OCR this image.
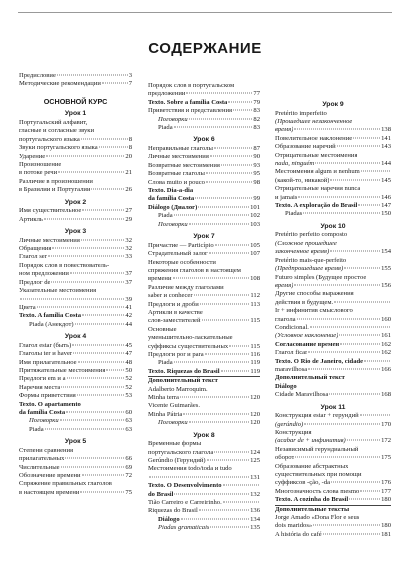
СОДЕРЖАНИЕ
Предисловие	3
Методические рекомендации	7
ОСНОВНОЙ КУРС
Урок 1
Португальский алфавит,
гласные и согласные звуки
португальского языка	8
Звуки португальского языка	8
Ударение	20
Произношение
в потоке речи	21
Различие в произношении
в Бразилии и Португалии	26
Урок 2
Имя существительное	27
Артикль	29
Урок 3
Личные местоимения	32
Обращения	32
Глагол ser	33
Порядок слов в повествователь-
ном предложении	37
Предлог de	37
Указательные местоимения
39
Цвета	41
Texto. A família Costa	42
Piada (Анекдот)	44
Урок 4
Глагол estar (быть)	45
Глаголы ter и haver	47
Имя прилагательное	48
Притяжательные местоимения	50
Предлоги em и a	52
Наречия места	52
Формы приветствия	53
Texto. O apartamento
da família Costa	60
Поговорки	63
Piada	63
Урок 5
Степени сравнения
прилагательных	66
Числительные	69
Обозначение времени	72
Спряжение правильных глаголов
в настоящем времени	75
Порядок слов в португальском
предложении	77
Texto. Sobre a família Costa	79
Приветствия и представления	83
Поговорки	82
Piada	83
Урок 6
Неправильные глаголы	87
Личные местоимения	90
Возвратные местоимения	93
Возвратные глаголы	95
Слова muito и pouco	98
Texto. Dia-a-dia
da família Costa	99
Diálogo (Диалог)	101
Piada	102
Поговорки	103
Урок 7
Причастие — Particípio	105
Страдательный залог	107
Некоторые особенности
спряжения глаголов в настоящем
времени	108
Различие между глаголами
saber и conhecer	112
Предлоги и дроби	113
Артикли в качестве
слов-заместителей	115
Основные
уменьшительно-ласкательные
суффиксы существительных	115
Предлоги por и para	116
Piada	119
Texto. Riquezas do Brasil	119
Дополнительный текст
Adalberto Marroquim.
Minha terra	120
Vicente Guimarães.
Minha Pátria	120
Поговорки	120
Урок 8
Временные формы
португальского глагола	124
Gerúndio (Герундий)	125
Местоимения todo/toda и tudo
131
Texto. O Desenvolvimento
do Brasil	132
Tiãо Carreiro e Carreirinho.
Riquezas do Brasil	136
Diálogo	134
Piadas gramaticais	135
Урок 9
Pretérito imperfeito
(Прошедшее незаконченное
время)	138
Повелительное наклонение	141
Образование наречий	143
Отрицательные местоимения
nada, ninguém	144
Местоимения algum и nenhum
(какой-то, никакой)	145
Отрицательные наречия nunca
и jamais	146
Texto. A exploração do Brasil	147
Piadas	150
Урок 10
Pretérito perfeito composto
(Сложное прошедшее
законченное время)	154
Pretérito mais-que-perfeito
(Предпрошедшее время)	155
Futuro simples (Будущее простое
время)	156
Другие способы выражения
действия в будущем.
Ir + инфинитив смыслового
глагола	160
Condicional.
(Условное наклонение)	161
Согласование времен	162
Глагол ficar	162
Texto. O Rio de Janeiro, cidade
maravilhosa	166
Дополнительный текст
Diálogo
Cidade Maravilhosa	168
Урок 11
Конструкция estar + герундий
(gerúndio)	170
Конструкция
(acabar de + инфинитив)	172
Независимый герундиальный
оборот	175
Образование абстрактных
существительных при помощи
суффиксов -ção, -da	176
Многозначность слова mesmo	177
Texto. A cozinha do Brasil	180
Дополнительные тексты
Jorge Amado «Dona Flor e seus
dois maridos»	180
A história do café	181
